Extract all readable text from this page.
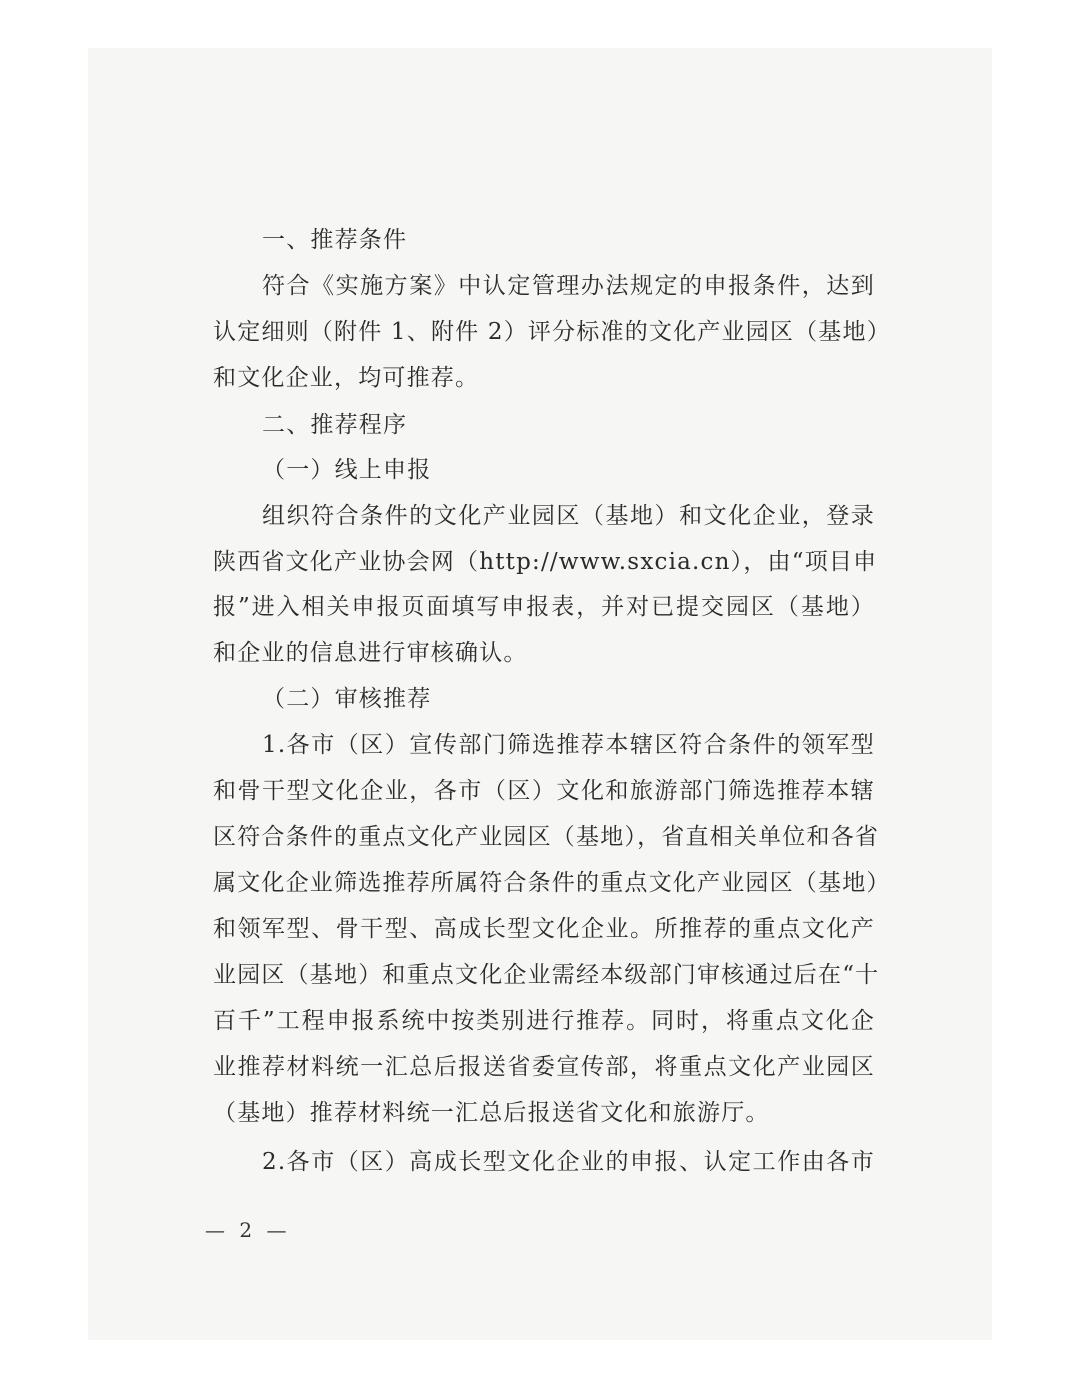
一、推荐条件
符合《实施方案》中认定管理办法规定的申报条件，达到
认定细则（附件 1、附件 2）评分标准的文化产业园区（基地）
和文化企业，均可推荐。
二、推荐程序
（一）线上申报
组织符合条件的文化产业园区（基地）和文化企业，登录
陕西省文化产业协会网（http://www.sxcia.cn），由“项目申
报”进入相关申报页面填写申报表，并对已提交园区（基地）
和企业的信息进行审核确认。
（二）审核推荐
1.各市（区）宣传部门筛选推荐本辖区符合条件的领军型
和骨干型文化企业，各市（区）文化和旅游部门筛选推荐本辖
区符合条件的重点文化产业园区（基地），省直相关单位和各省
属文化企业筛选推荐所属符合条件的重点文化产业园区（基地）
和领军型、骨干型、高成长型文化企业。所推荐的重点文化产
业园区（基地）和重点文化企业需经本级部门审核通过后在“十
百千”工程申报系统中按类别进行推荐。同时，将重点文化企
业推荐材料统一汇总后报送省委宣传部，将重点文化产业园区
（基地）推荐材料统一汇总后报送省文化和旅游厅。
2.各市（区）高成长型文化企业的申报、认定工作由各市
— 2 —
